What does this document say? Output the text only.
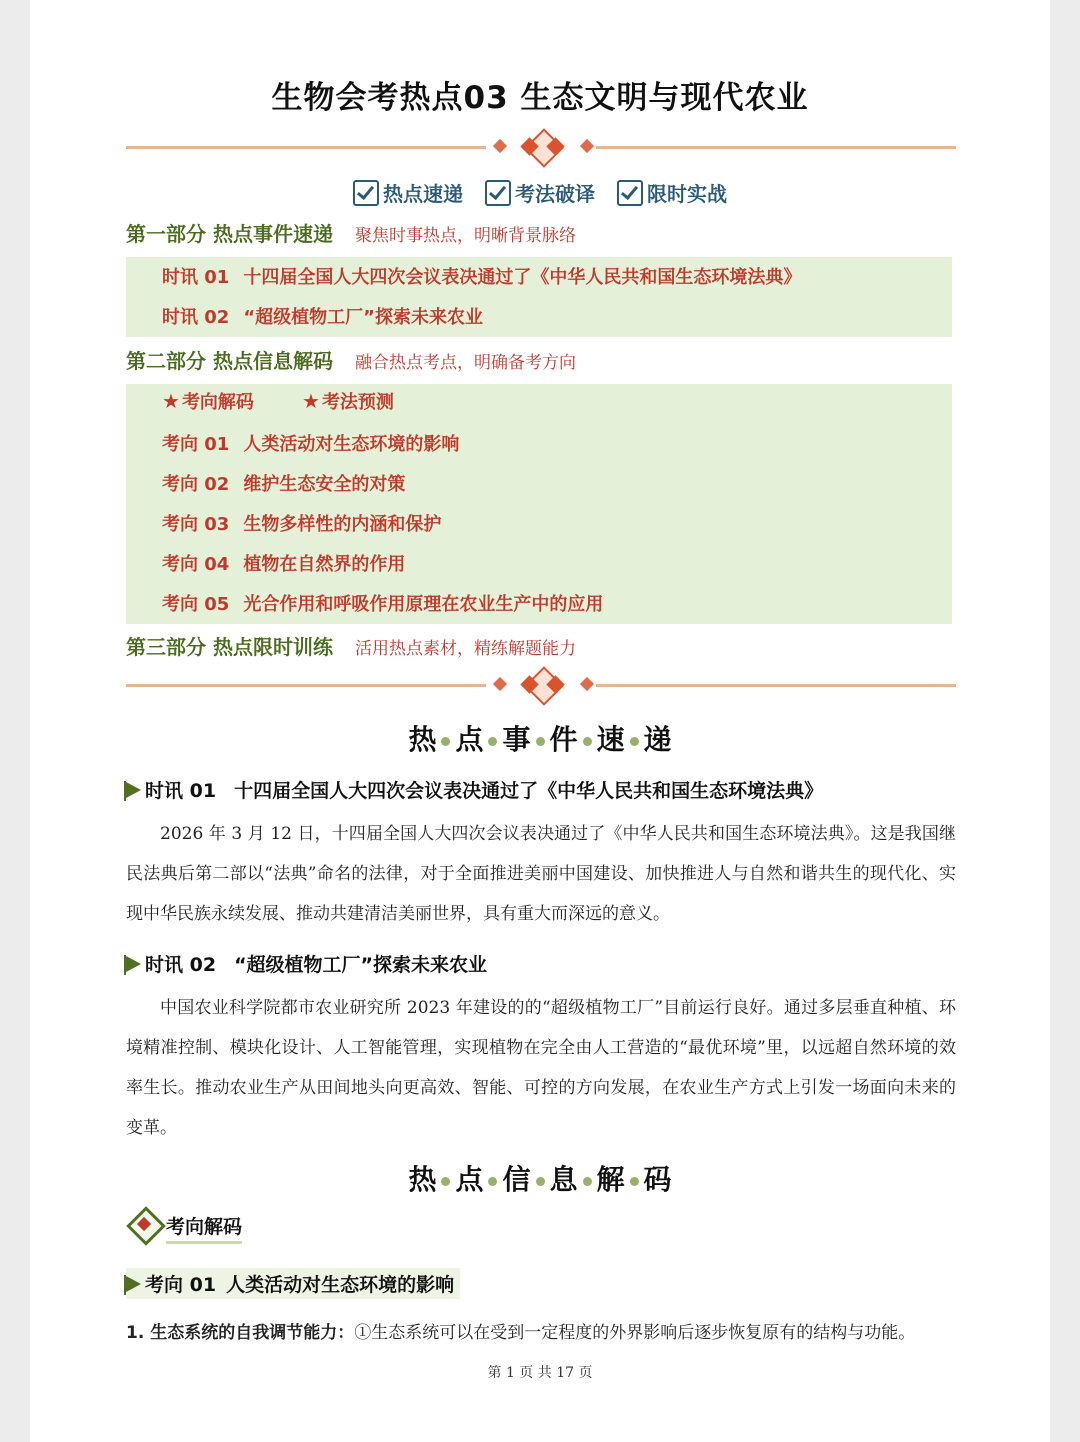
生物会考热点03 生态文明与现代农业
热点速递	考法破译	限时实战
第一部分 热点事件速递 聚焦时事热点，明晰背景脉络
时讯 01 十四届全国人大四次会议表决通过了《中华人民共和国生态环境法典》
时讯 02 “超级植物工厂”探索未来农业
第二部分 热点信息解码 融合热点考点，明确备考方向
★ 考向解码 ★ 考法预测
考向 01 人类活动对生态环境的影响
考向 02 维护生态安全的对策
考向 03 生物多样性的内涵和保护
考向 04 植物在自然界的作用
考向 05 光合作用和呼吸作用原理在农业生产中的应用
第三部分 热点限时训练 活用热点素材，精练解题能力
热 点 事 件 速 递
时讯 01 十四届全国人大四次会议表决通过了《中华人民共和国生态环境法典》
2026 年 3 月 12 日，十四届全国人大四次会议表决通过了《中华人民共和国生态环境法典》。这是我国继民法典后第二部以“法典”命名的法律，对于全面推进美丽中国建设、加快推进人与自然和谐共生的现代化、实现中华民族永续发展、推动共建清洁美丽世界，具有重大而深远的意义。
时讯 02 “超级植物工厂”探索未来农业
中国农业科学院都市农业研究所 2023 年建设的的“超级植物工厂”目前运行良好。通过多层垂直种植、环境精准控制、模块化设计、人工智能管理，实现植物在完全由人工营造的“最优环境”里，以远超自然环境的效率生长。推动农业生产从田间地头向更高效、智能、可控的方向发展，在农业生产方式上引发一场面向未来的变革。
热 点 信 息 解 码
考向解码
考向 01 人类活动对生态环境的影响
1. 生态系统的自我调节能力：①生态系统可以在受到一定程度的外界影响后逐步恢复原有的结构与功能。
第 1 页 共 17 页
